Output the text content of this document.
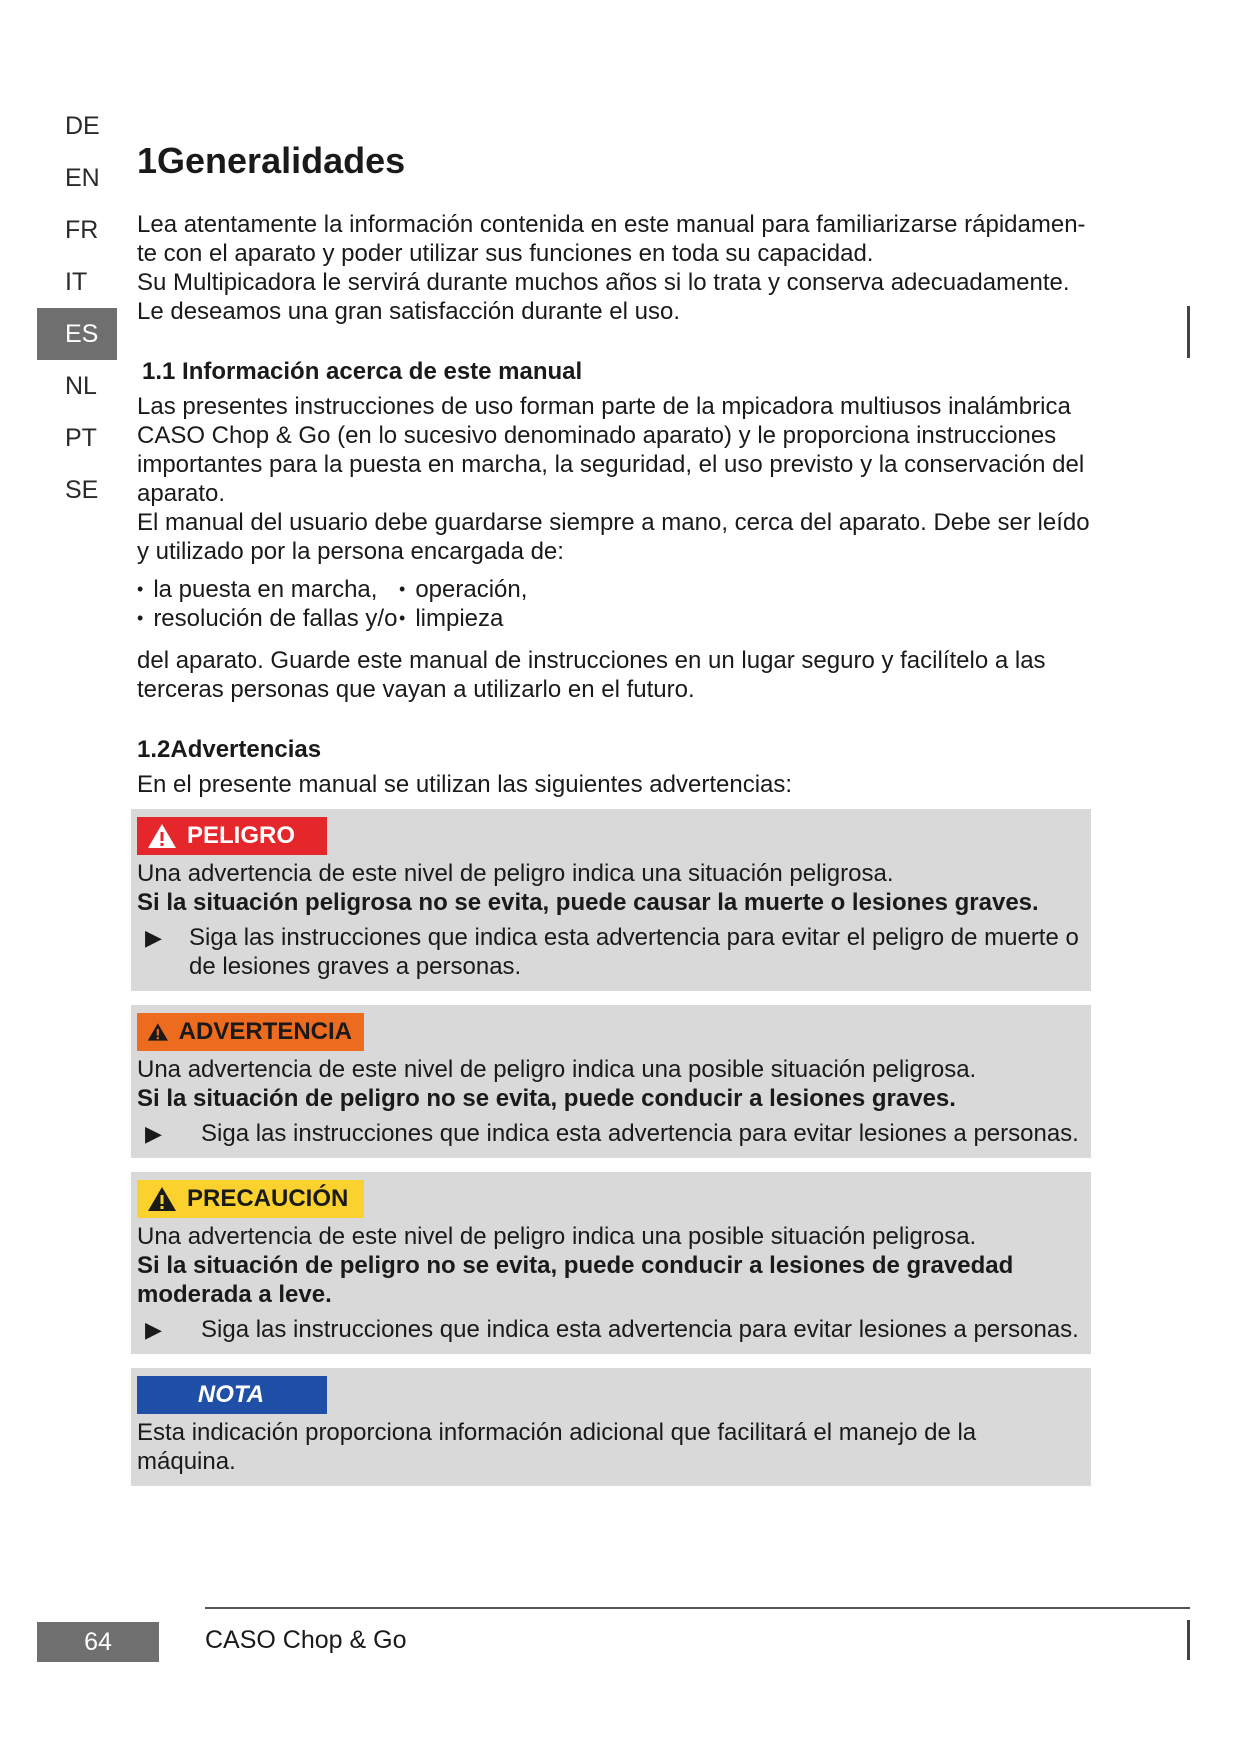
DE
EN
FR
IT
ES
NL
PT
SE
1Generalidades

Lea atentamente la información contenida en este manual para familiarizarse rápidamen-

te con el aparato y poder utilizar sus funciones en toda su capacidad.

Su Multipicadora le servirá durante muchos años si lo trata y conserva adecuadamente.

Le deseamos una gran satisfacción durante el uso.

1.1 Información acerca de este manual

Las presentes instrucciones de uso forman parte de la mpicadora multiusos inalámbrica CASO Chop & Go (en lo sucesivo denominado aparato) y le proporciona instrucciones importantes para la puesta en marcha, la seguridad, el uso previsto y la conservación del aparato.

El manual del usuario debe guardarse siempre a mano, cerca del aparato. Debe ser leído y utilizado por la persona encargada de:

• la puesta en marcha,	• operación,
• resolución de fallas y/o • limpieza

del aparato. Guarde este manual de instrucciones en un lugar seguro y facilítelo a las terceras personas que vayan a utilizarlo en el futuro.

1.2Advertencias

En el presente manual se utilizan las siguientes advertencias:

PELIGRO

Una advertencia de este nivel de peligro indica una situación peligrosa.

Si la situación peligrosa no se evita, puede causar la muerte o lesiones graves.

▶	Siga las instrucciones que indica esta advertencia para evitar el peligro de muerte o de lesiones graves a personas.

ADVERTENCIA

Una advertencia de este nivel de peligro indica una posible situación peligrosa.

Si la situación de peligro no se evita, puede conducir a lesiones graves.

▶	Siga las instrucciones que indica esta advertencia para evitar lesiones a personas.

PRECAUCIÓN

Una advertencia de este nivel de peligro indica una posible situación peligrosa.

Si la situación de peligro no se evita, puede conducir a lesiones de gravedad moderada a leve.

▶	Siga las instrucciones que indica esta advertencia para evitar lesiones a personas.

NOTA

Esta indicación proporciona información adicional que facilitará el manejo de la máquina.

64	CASO Chop & Go
